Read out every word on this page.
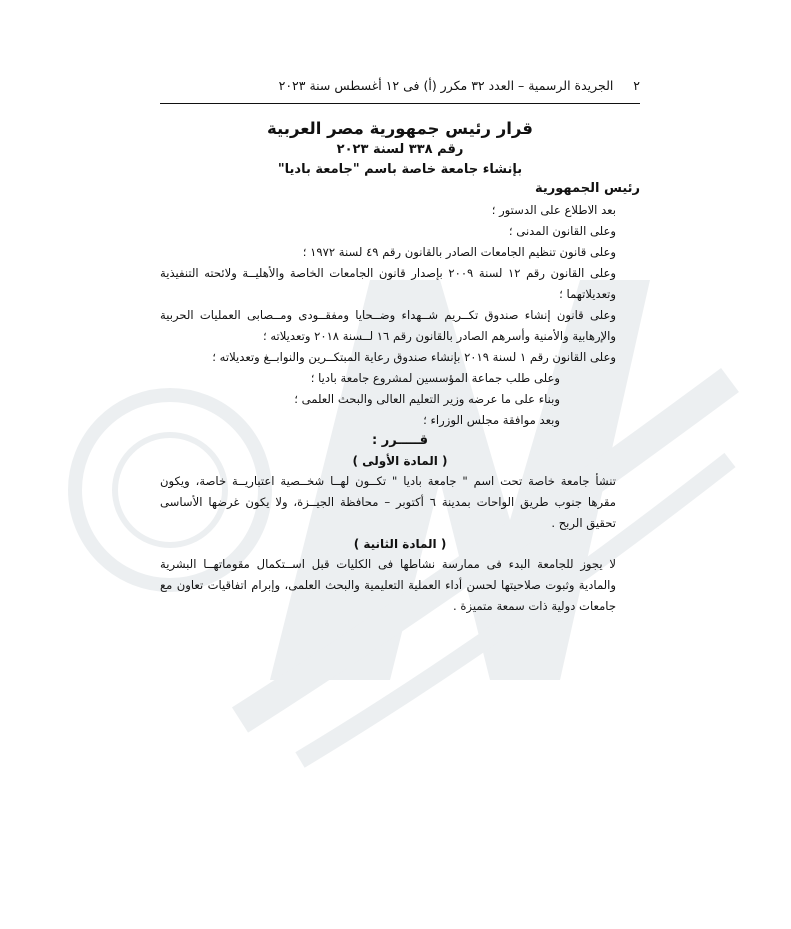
٢     الجريدة الرسمية – العدد ٣٢ مكرر (أ) فى ١٢ أغسطس سنة ٢٠٢٣
قرار رئيس جمهورية مصر العربية
رقم ٣٣٨ لسنة ٢٠٢٣
بإنشاء جامعة خاصة باسم "جامعة باديا"

رئيس الجمهورية

بعد الاطلاع على الدستور ؛

وعلى القانون المدنى ؛

وعلى قانون تنظيم الجامعات الصادر بالقانون رقم ٤٩ لسنة ١٩٧٢ ؛

وعلى القانون رقم ١٢ لسنة ٢٠٠٩ بإصدار قانون الجامعات الخاصة والأهليــة ولائحته التنفيذية وتعديلاتهما ؛

وعلى قانون إنشاء صندوق تكــريم شــهداء وضــحايا ومفقــودى ومــصابى العمليات الحربية والإرهابية والأمنية وأسرهم الصادر بالقانون رقم ١٦ لــسنة ٢٠١٨ وتعديلاته ؛

وعلى القانون رقم ١ لسنة ٢٠١٩ بإنشاء صندوق رعاية المبتكــرين والنوابــغ وتعديلاته ؛

وعلى طلب جماعة المؤسسين لمشروع جامعة باديا ؛

وبناء على ما عرضه وزير التعليم العالى والبحث العلمى ؛

وبعد موافقة مجلس الوزراء ؛

قـــــرر :

( المادة الأولى )

تنشأ جامعة خاصة تحت اسم " جامعة باديا " تكــون لهــا شخــصية اعتباريــة خاصة، ويكون مقرها جنوب طريق الواحات بمدينة ٦ أكتوبر – محافظة الجيــزة، ولا يكون غرضها الأساسى تحقيق الربح .

( المادة الثانية )

لا يجوز للجامعة البدء فى ممارسة نشاطها فى الكليات قبل اســتكمال مقوماتهــا البشرية والمادية وثبوت صلاحيتها لحسن أداء العملية التعليمية والبحث العلمى، وإبرام اتفاقيات تعاون مع جامعات دولية ذات سمعة متميزة .
